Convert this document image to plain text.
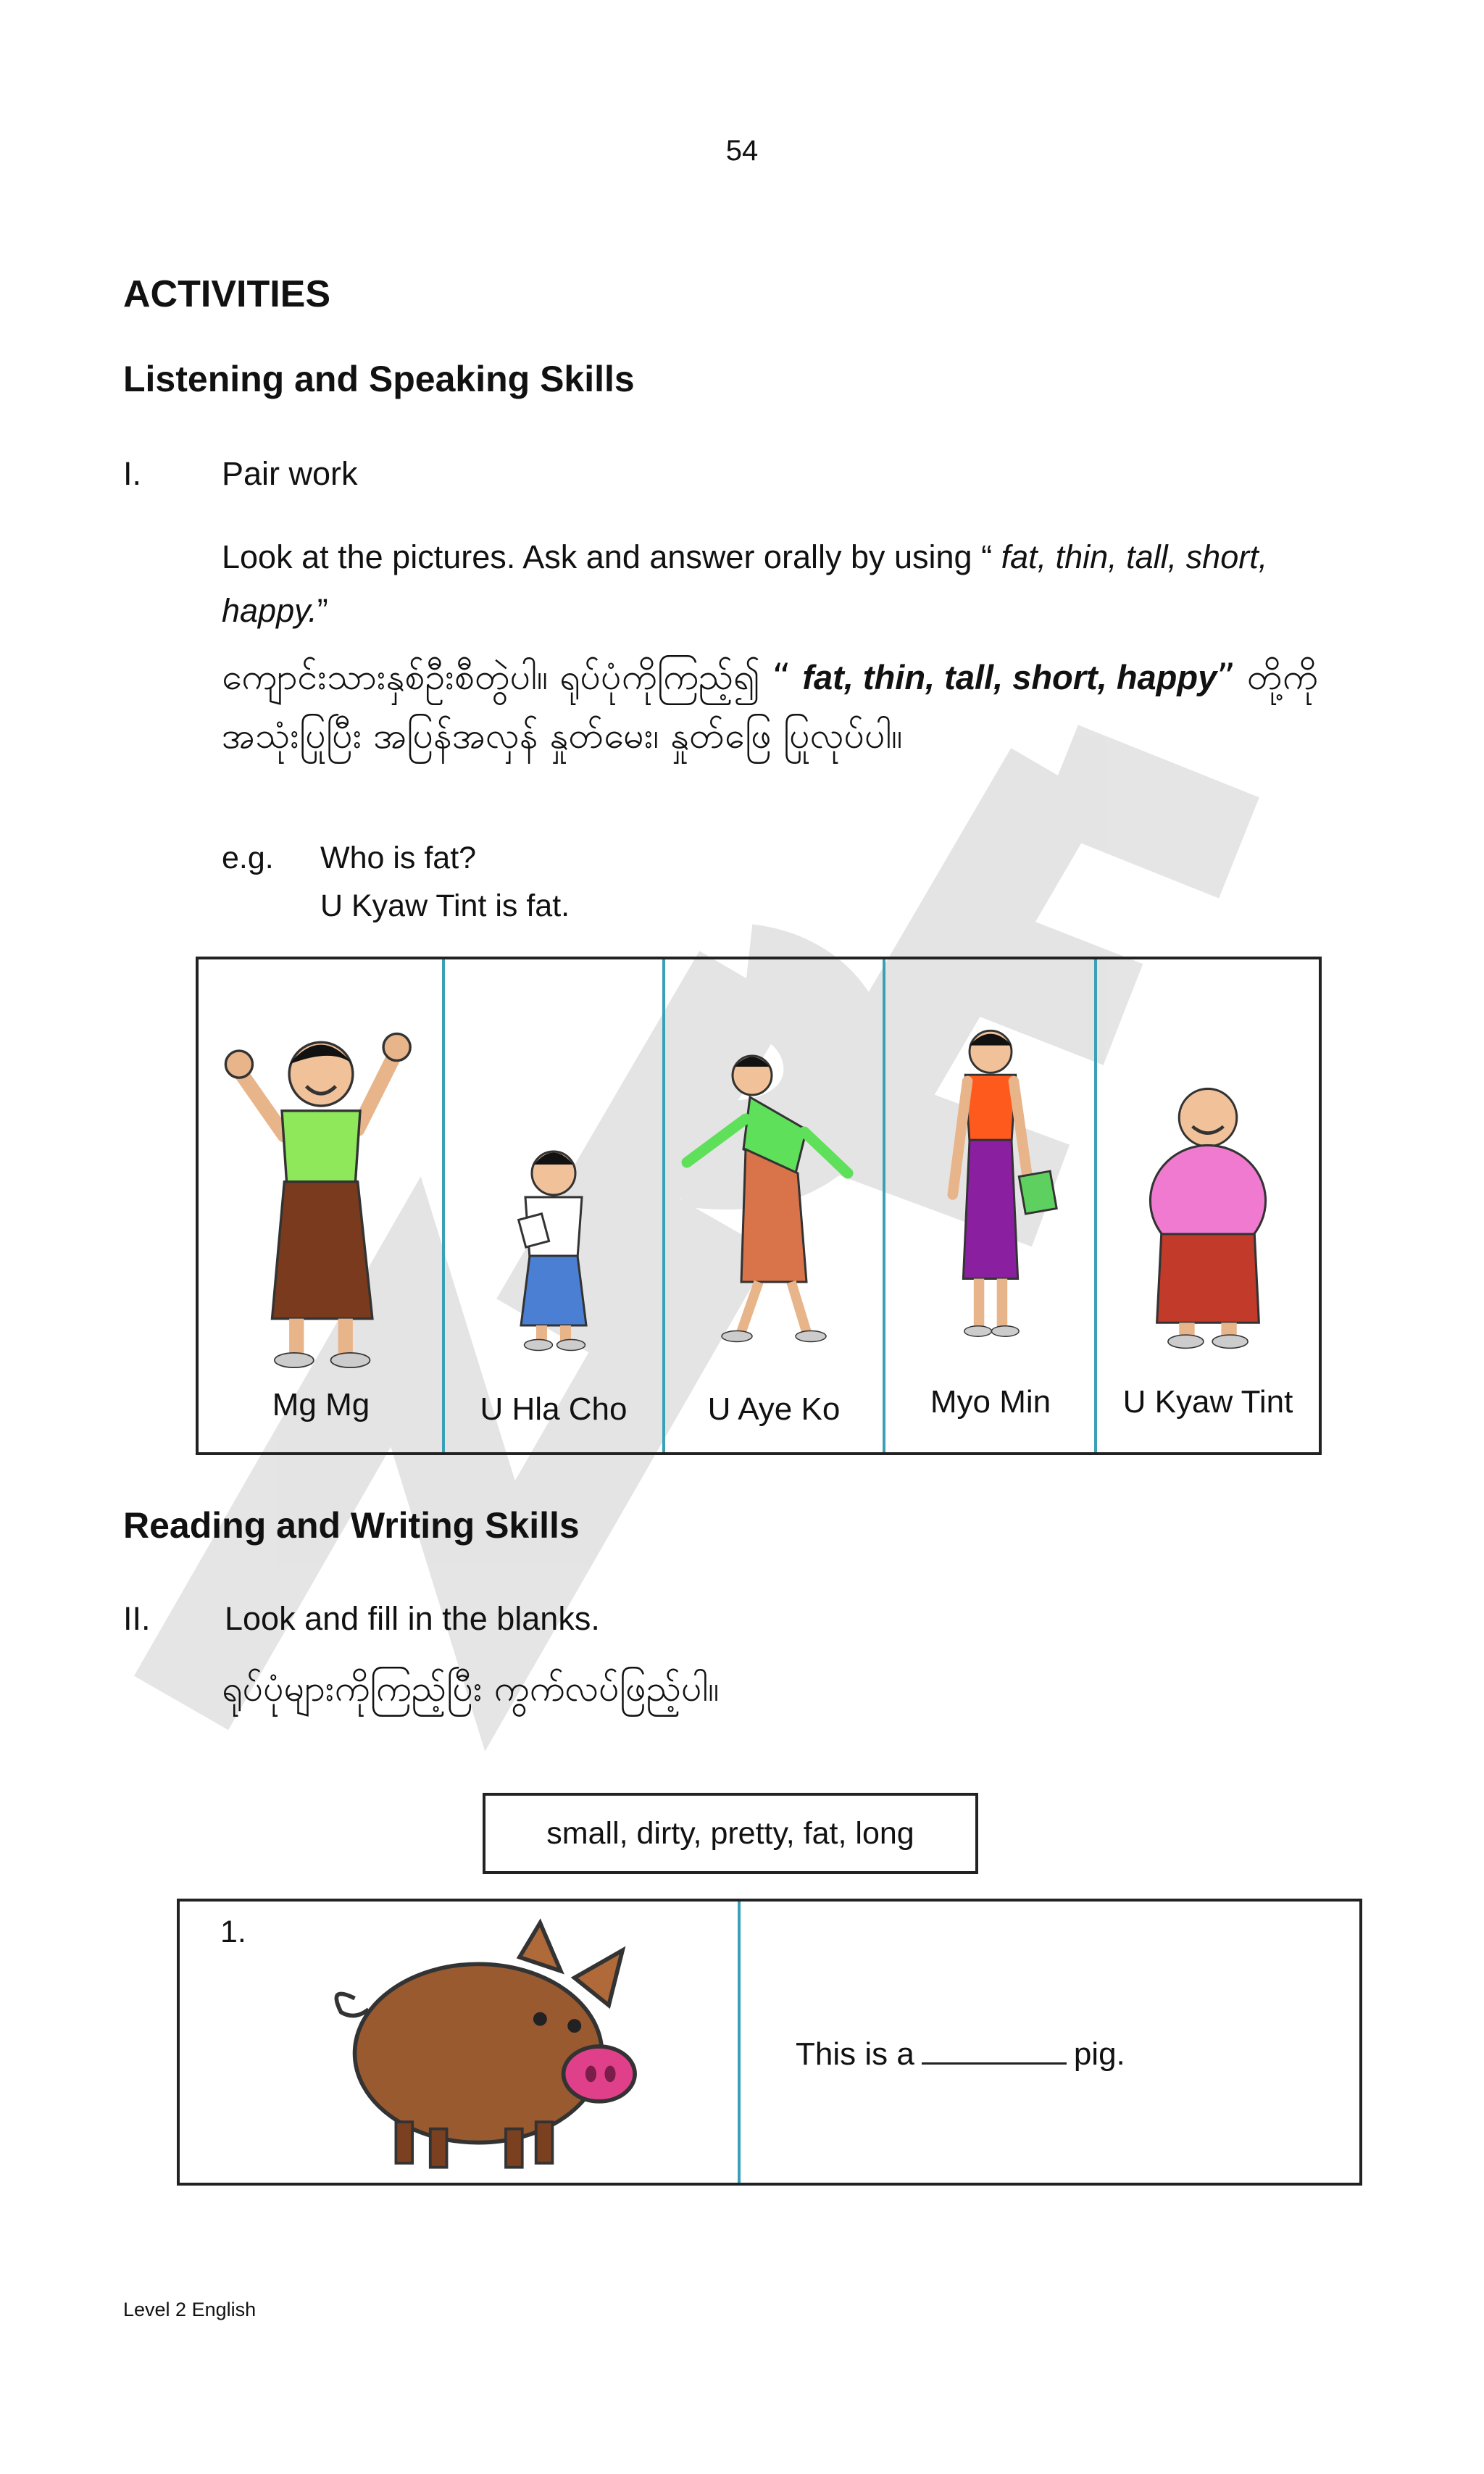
54
ACTIVITIES
Listening and Speaking Skills
I. Pair work
Look at the pictures. Ask and answer orally by using “ fat, thin, tall, short,
happy.”
ကျောင်းသားနှစ်ဦးစီတွဲပါ။ ရုပ်ပုံကိုကြည့်၍ “ fat, thin, tall, short, happy” တို့ကို
အသုံးပြုပြီး အပြန်အလှန် နှုတ်မေး၊ နှုတ်ဖြေ ပြုလုပ်ပါ။
e.g. Who is fat?
U Kyaw Tint is fat.
Mg Mg	U Hla Cho	U Aye Ko	Myo Min	U Kyaw Tint
Reading and Writing Skills
II. Look and fill in the blanks.
ရုပ်ပုံများကိုကြည့်ပြီး ကွက်လပ်ဖြည့်ပါ။
small, dirty, pretty, fat, long
1.
This is a	pig.
Level 2 English
